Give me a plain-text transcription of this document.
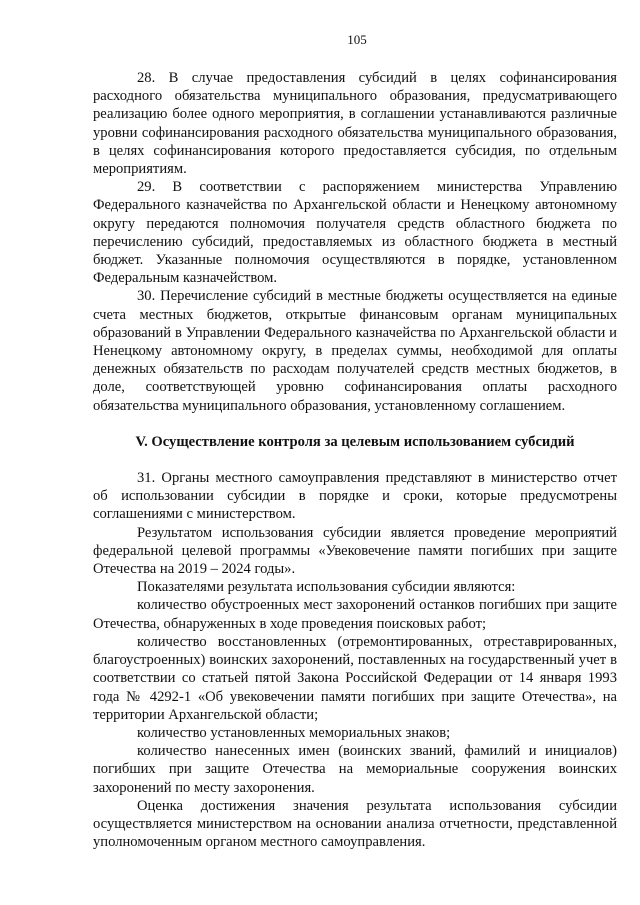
105

28. В случае предоставления субсидий в целях софинансирования расходного обязательства муниципального образования, предусматривающего реализацию более одного мероприятия, в соглашении устанавливаются различные уровни софинансирования расходного обязательства муниципального образования, в целях софинансирования которого предоставляется субсидия, по отдельным мероприятиям.

29. В соответствии с распоряжением министерства Управлению Федерального казначейства по Архангельской области и Ненецкому автономному округу передаются полномочия получателя средств областного бюджета по перечислению субсидий, предоставляемых из областного бюджета в местный бюджет. Указанные полномочия осуществляются в порядке, установленном Федеральным казначейством.

30. Перечисление субсидий в местные бюджеты осуществляется на единые счета местных бюджетов, открытые финансовым органам муниципальных образований в Управлении Федерального казначейства по Архангельской области и Ненецкому автономному округу, в пределах суммы, необходимой для оплаты денежных обязательств по расходам получателей средств местных бюджетов, в доле, соответствующей уровню софинансирования оплаты расходного обязательства муниципального образования, установленному соглашением.

V. Осуществление контроля за целевым использованием субсидий

31. Органы местного самоуправления представляют в министерство отчет об использовании субсидии в порядке и сроки, которые предусмотрены соглашениями с министерством.

Результатом использования субсидии является проведение мероприятий федеральной целевой программы «Увековечение памяти погибших при защите Отечества на 2019 – 2024 годы».

Показателями результата использования субсидии являются:

количество обустроенных мест захоронений останков погибших при защите Отечества, обнаруженных в ходе проведения поисковых работ;

количество восстановленных (отремонтированных, отреставрированных, благоустроенных) воинских захоронений, поставленных на государственный учет в соответствии со статьей пятой Закона Российской Федерации от 14 января 1993 года № 4292-1 «Об увековечении памяти погибших при защите Отечества», на территории Архангельской области;

количество установленных мемориальных знаков;

количество нанесенных имен (воинских званий, фамилий и инициалов) погибших при защите Отечества на мемориальные сооружения воинских захоронений по месту захоронения.

Оценка достижения значения результата использования субсидии осуществляется министерством на основании анализа отчетности, представленной уполномоченным органом местного самоуправления.
